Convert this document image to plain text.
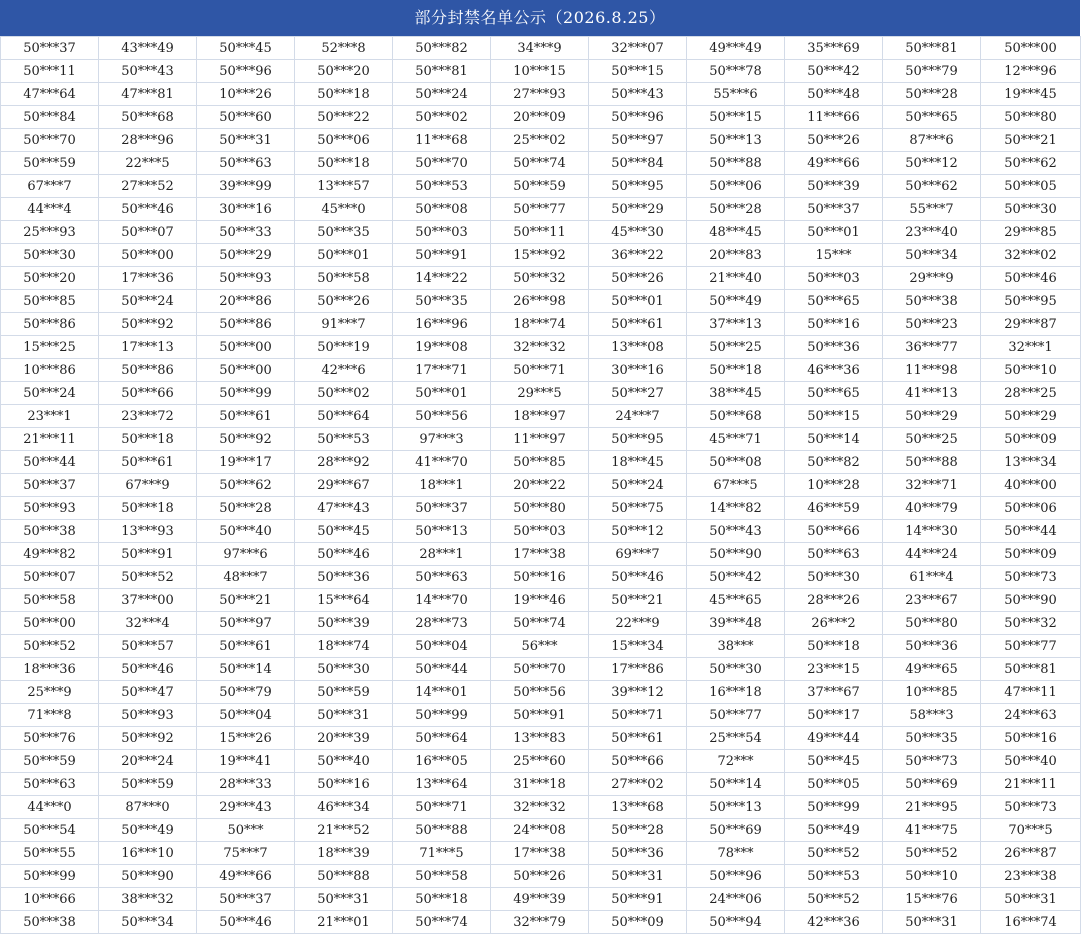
部分封禁名单公示（2026.8.25）
50***37	43***49	50***45	52***8	50***82	34***9	32***07	49***49	35***69	50***81	50***00
50***11	50***43	50***96	50***20	50***81	10***15	50***15	50***78	50***42	50***79	12***96
47***64	47***81	10***26	50***18	50***24	27***93	50***43	55***6	50***48	50***28	19***45
50***84	50***68	50***60	50***22	50***02	20***09	50***96	50***15	11***66	50***65	50***80
50***70	28***96	50***31	50***06	11***68	25***02	50***97	50***13	50***26	87***6	50***21
50***59	22***5	50***63	50***18	50***70	50***74	50***84	50***88	49***66	50***12	50***62
67***7	27***52	39***99	13***57	50***53	50***59	50***95	50***06	50***39	50***62	50***05
44***4	50***46	30***16	45***0	50***08	50***77	50***29	50***28	50***37	55***7	50***30
25***93	50***07	50***33	50***35	50***03	50***11	45***30	48***45	50***01	23***40	29***85
50***30	50***00	50***29	50***01	50***91	15***92	36***22	20***83	15***	50***34	32***02
50***20	17***36	50***93	50***58	14***22	50***32	50***26	21***40	50***03	29***9	50***46
50***85	50***24	20***86	50***26	50***35	26***98	50***01	50***49	50***65	50***38	50***95
50***86	50***92	50***86	91***7	16***96	18***74	50***61	37***13	50***16	50***23	29***87
15***25	17***13	50***00	50***19	19***08	32***32	13***08	50***25	50***36	36***77	32***1
10***86	50***86	50***00	42***6	17***71	50***71	30***16	50***18	46***36	11***98	50***10
50***24	50***66	50***99	50***02	50***01	29***5	50***27	38***45	50***65	41***13	28***25
23***1	23***72	50***61	50***64	50***56	18***97	24***7	50***68	50***15	50***29	50***29
21***11	50***18	50***92	50***53	97***3	11***97	50***95	45***71	50***14	50***25	50***09
50***44	50***61	19***17	28***92	41***70	50***85	18***45	50***08	50***82	50***88	13***34
50***37	67***9	50***62	29***67	18***1	20***22	50***24	67***5	10***28	32***71	40***00
50***93	50***18	50***28	47***43	50***37	50***80	50***75	14***82	46***59	40***79	50***06
50***38	13***93	50***40	50***45	50***13	50***03	50***12	50***43	50***66	14***30	50***44
49***82	50***91	97***6	50***46	28***1	17***38	69***7	50***90	50***63	44***24	50***09
50***07	50***52	48***7	50***36	50***63	50***16	50***46	50***42	50***30	61***4	50***73
50***58	37***00	50***21	15***64	14***70	19***46	50***21	45***65	28***26	23***67	50***90
50***00	32***4	50***97	50***39	28***73	50***74	22***9	39***48	26***2	50***80	50***32
50***52	50***57	50***61	18***74	50***04	56***	15***34	38***	50***18	50***36	50***77
18***36	50***46	50***14	50***30	50***44	50***70	17***86	50***30	23***15	49***65	50***81
25***9	50***47	50***79	50***59	14***01	50***56	39***12	16***18	37***67	10***85	47***11
71***8	50***93	50***04	50***31	50***99	50***91	50***71	50***77	50***17	58***3	24***63
50***76	50***92	15***26	20***39	50***64	13***83	50***61	25***54	49***44	50***35	50***16
50***59	20***24	19***41	50***40	16***05	25***60	50***66	72***	50***45	50***73	50***40
50***63	50***59	28***33	50***16	13***64	31***18	27***02	50***14	50***05	50***69	21***11
44***0	87***0	29***43	46***34	50***71	32***32	13***68	50***13	50***99	21***95	50***73
50***54	50***49	50***	21***52	50***88	24***08	50***28	50***69	50***49	41***75	70***5
50***55	16***10	75***7	18***39	71***5	17***38	50***36	78***	50***52	50***52	26***87
50***99	50***90	49***66	50***88	50***58	50***26	50***31	50***96	50***53	50***10	23***38
10***66	38***32	50***37	50***31	50***18	49***39	50***91	24***06	50***52	15***76	50***31
50***38	50***34	50***46	21***01	50***74	32***79	50***09	50***94	42***36	50***31	16***74
